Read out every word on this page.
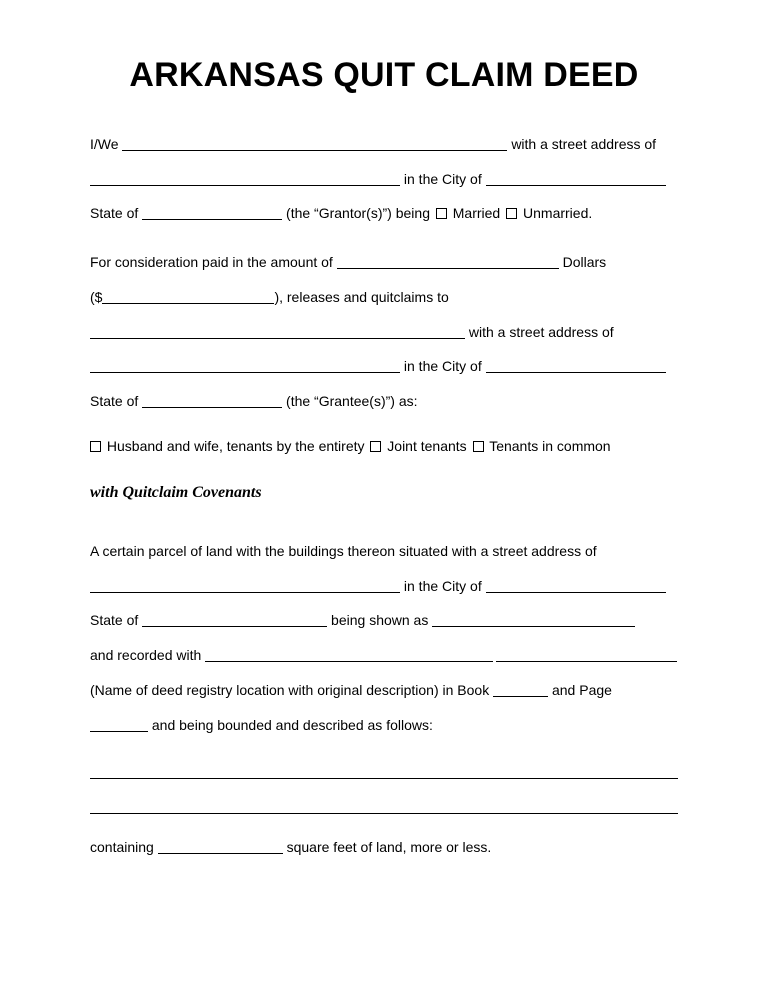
ARKANSAS QUIT CLAIM DEED

I/We	with a street address of

in the City of

State of	(the “Grantor(s)”) being Married Unmarried.

For consideration paid in the amount of	Dollars

($	), releases and quitclaims to

with a street address of

in the City of

State of	(the “Grantee(s)”) as:

Husband and wife, tenants by the entirety Joint tenants Tenants in common

with Quitclaim Covenants

A certain parcel of land with the buildings thereon situated with a street address of

in the City of

State of	being shown as

and recorded with

(Name of deed registry location with original description) in Book	and Page

and being bounded and described as follows:

containing	square feet of land, more or less.
